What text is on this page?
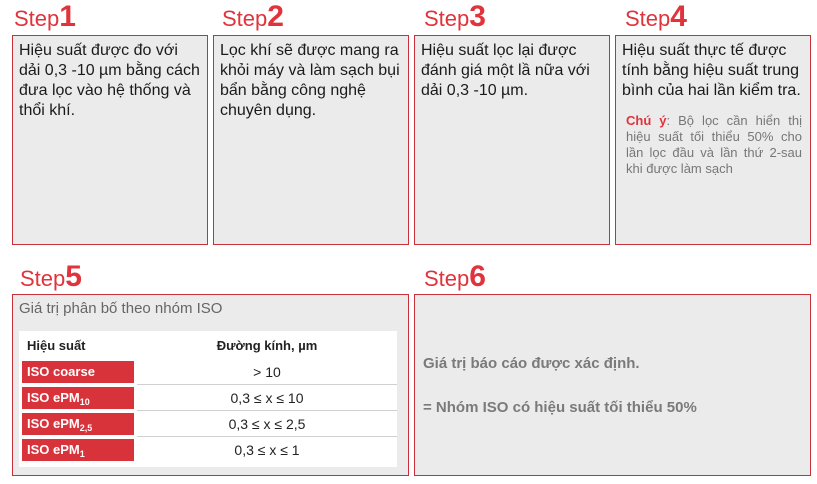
Step1
Hiệu suất được đo với dải 0,3 -10 µm bằng cách đưa lọc vào hệ thống và thổi khí.
Step2
Lọc khí sẽ được mang ra khỏi máy và làm sạch bụi bẩn bằng công nghệ chuyên dụng.
Step3
Hiệu suất lọc lại được đánh giá một lầ nữa với dải 0,3 -10 µm.
Step4
Hiệu suất thực tế được tính bằng hiệu suất trung bình của hai lần kiểm tra.
Chú ý: Bộ lọc cần hiển thị hiệu suất tối thiểu 50% cho lần lọc đầu và lần thứ 2-sau khi được làm sạch
Step5
Giá trị phân bố theo nhóm ISO
Hiệu suất	Đường kính, µm
ISO coarse	> 10
ISO ePM$_{10}$	0,3 ≤ x ≤ 10
ISO ePM$_{2,5}$	0,3 ≤ x ≤ 2,5
ISO ePM$_1$	0,3 ≤ x ≤ 1
Step6
Giá trị báo cáo được xác định.
= Nhóm ISO có hiệu suất tối thiểu 50%
